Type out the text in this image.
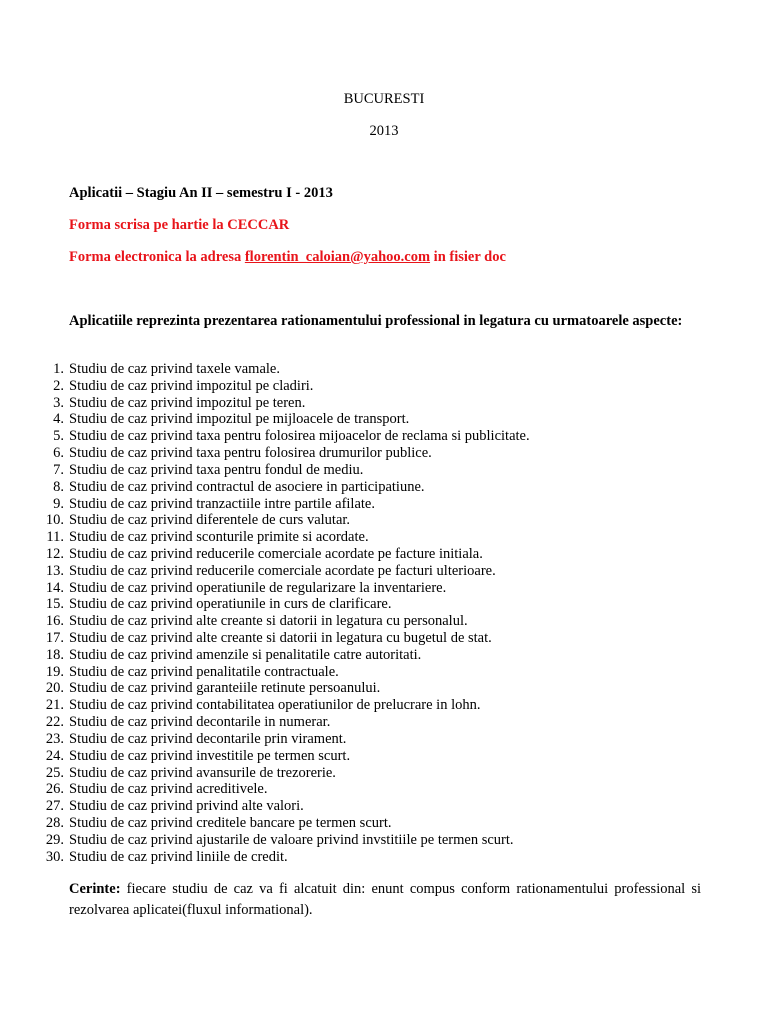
BUCURESTI
2013
Aplicatii – Stagiu An II – semestru I - 2013
Forma scrisa pe hartie la CECCAR
Forma electronica la adresa florentin_caloian@yahoo.com in fisier doc
Aplicatiile reprezinta prezentarea rationamentului professional in legatura cu urmatoarele aspecte:
1. Studiu de caz privind taxele vamale.
2. Studiu de caz privind impozitul pe cladiri.
3. Studiu de caz privind impozitul pe teren.
4. Studiu de caz privind impozitul pe mijloacele de transport.
5. Studiu de caz privind taxa pentru folosirea mijoacelor de reclama si publicitate.
6. Studiu de caz privind taxa pentru folosirea drumurilor publice.
7. Studiu de caz privind taxa pentru fondul de mediu.
8. Studiu de caz privind contractul de asociere in participatiune.
9. Studiu de caz privind tranzactiile intre partile afilate.
10. Studiu de caz privind diferentele de curs valutar.
11. Studiu de caz privind sconturile primite si acordate.
12. Studiu de caz privind reducerile comerciale acordate pe facture initiala.
13. Studiu de caz privind reducerile comerciale acordate pe facturi ulterioare.
14. Studiu de caz privind operatiunile de regularizare la inventariere.
15. Studiu de caz privind operatiunile in curs de clarificare.
16. Studiu de caz privind alte creante si datorii in legatura cu personalul.
17. Studiu de caz privind alte creante si datorii in legatura cu bugetul de stat.
18. Studiu de caz privind amenzile si penalitatile catre autoritati.
19. Studiu de caz privind penalitatile contractuale.
20. Studiu de caz privind garanteiile retinute persoanului.
21. Studiu de caz privind contabilitatea operatiunilor de prelucrare in lohn.
22. Studiu de caz privind decontarile in numerar.
23. Studiu de caz privind decontarile prin virament.
24. Studiu de caz privind investitile pe termen scurt.
25. Studiu de caz privind avansurile de trezorerie.
26. Studiu de caz privind acreditivele.
27. Studiu de caz privind privind alte valori.
28. Studiu de caz privind creditele bancare pe termen scurt.
29. Studiu de caz privind ajustarile de valoare privind invstitiile pe termen scurt.
30. Studiu de caz privind liniile de credit.
Cerinte: fiecare studiu de caz va fi alcatuit din: enunt compus conform rationamentului professional si rezolvarea aplicatei(fluxul informational).
